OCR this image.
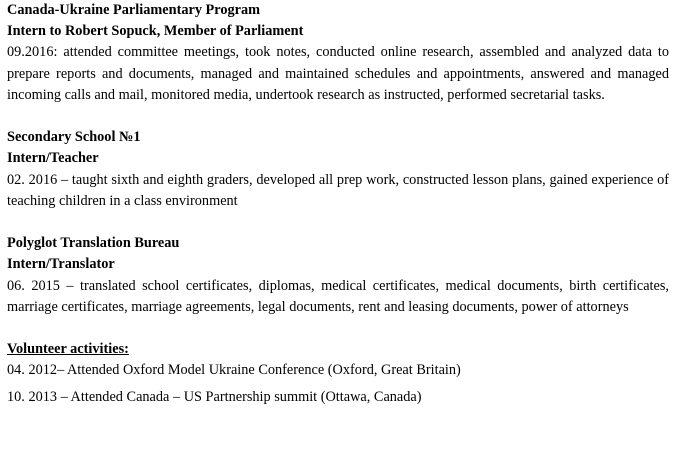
Canada-Ukraine Parliamentary Program
Intern to Robert Sopuck, Member of Parliament

09.2016: attended committee meetings, took notes, conducted online research, assembled and analyzed data to prepare reports and documents, managed and maintained schedules and appointments, answered and managed incoming calls and mail, monitored media, undertook research as instructed, performed secretarial tasks.

Secondary School №1
Intern/Teacher

02. 2016 – taught sixth and eighth graders, developed all prep work, constructed lesson plans, gained experience of teaching children in a class environment

Polyglot Translation Bureau
Intern/Translator

06. 2015 – translated school certificates, diplomas, medical certificates, medical documents, birth certificates, marriage certificates, marriage agreements, legal documents, rent and leasing documents, power of attorneys

Volunteer activities:
04. 2012– Attended Oxford Model Ukraine Conference (Oxford, Great Britain)
10. 2013 – Attended Canada – US Partnership summit (Ottawa, Canada)
